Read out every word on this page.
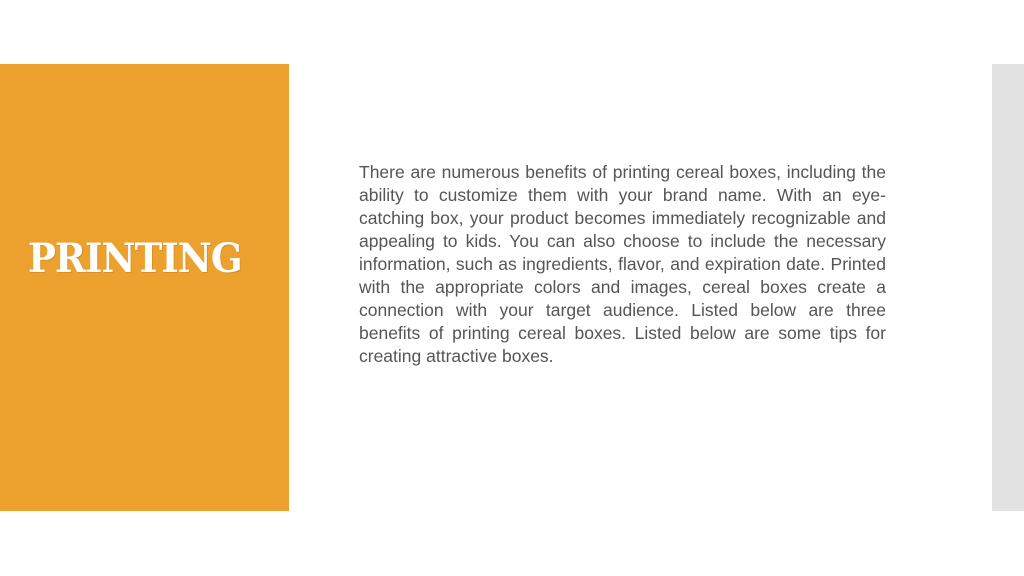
PRINTING

There are numerous benefits of printing cereal boxes, including the ability to customize them with your brand name. With an eye-catching box, your product becomes immediately recognizable and appealing to kids. You can also choose to include the necessary information, such as ingredients, flavor, and expiration date. Printed with the appropriate colors and images, cereal boxes create a connection with your target audience. Listed below are three benefits of printing cereal boxes. Listed below are some tips for creating attractive boxes.
